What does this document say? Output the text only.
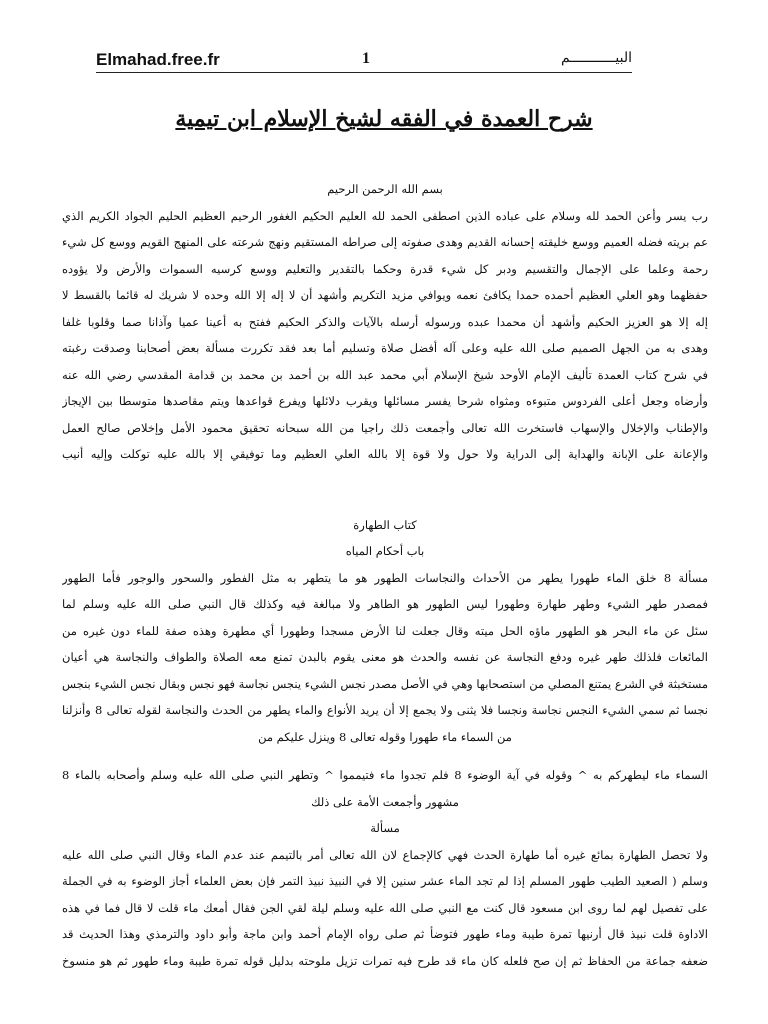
Elmahad.free.fr	1	البيـــــــــــم
شرح العمدة في الفقه لشيخ الإسلام ابن تيمية
بسم الله الرحمن الرحيم
رب يسر وأعن الحمد لله وسلام على عباده الذين اصطفى الحمد لله العليم الحكيم الغفور الرحيم العظيم الحليم الجواد الكريم الذي
عم بريته فضله العميم ووسع خليقته إحسانه القديم وهدى صفوته إلى صراطه المستقيم ونهج شرعته على المنهج القويم ووسع كل شيء
رحمة وعلما على الإجمال والتقسيم ودبر كل شيء قدرة وحكما بالتقدير والتعليم ووسع كرسيه السموات والأرض ولا يؤوده
حفظهما وهو العلي العظيم أحمده حمدا يكافئ نعمه ويوافي مزيد التكريم وأشهد أن لا إله إلا الله وحده لا شريك له قائما بالقسط لا
إله إلا هو العزيز الحكيم وأشهد أن محمدا عبده ورسوله أرسله بالآيات والذكر الحكيم ففتح به أعينا عميا وآذانا صما وقلوبا غلفا
وهدى به من الجهل الصميم صلى الله عليه وعلى آله أفضل صلاة وتسليم أما بعد فقد تكررت مسألة بعض أصحابنا وصدقت رغبته
في شرح كتاب العمدة تأليف الإمام الأوحد شيخ الإسلام أبي محمد عبد الله بن أحمد بن محمد بن قدامة المقدسي رضي الله عنه
وأرضاه وجعل أعلى الفردوس متبوءه ومثواه شرحا يفسر مسائلها ويقرب دلائلها ويفرع قواعدها ويتم مقاصدها متوسطا بين الإيجاز
والإطناب والإخلال والإسهاب فاستخرت الله تعالى وأجمعت ذلك راجيا من الله سبحانه تحقيق محمود الأمل وإخلاص صالح العمل
والإعانة على الإبانة والهداية إلى الدراية ولا حول ولا قوة إلا بالله العلي العظيم وما توفيقي إلا بالله عليه توكلت وإليه أنيب
كتاب الطهارة
باب أحكام المياه
مسألة 8 خلق الماء طهورا يطهر من الأحداث والنجاسات الطهور هو ما يتطهر به مثل الفطور والسحور والوجور فأما الطهور
فمصدر طهر الشيء وطهر طهارة وطهورا ليس الطهور هو الطاهر ولا مبالغة فيه وكذلك قال النبي صلى الله عليه وسلم لما
سئل عن ماء البحر هو الطهور ماؤه الحل ميته وقال جعلت لنا الأرض مسجدا وطهورا أي مطهرة وهذه صفة للماء دون غيره من
المائعات فلذلك طهر غيره ودفع النجاسة عن نفسه والحدث هو معنى يقوم بالبدن تمنع معه الصلاة والطواف والنجاسة هي أعيان
مستخبثة في الشرع يمتنع المصلي من استصحابها وهي في الأصل مصدر نجس الشيء ينجس نجاسة فهو نجس وبقال نجس الشيء بنجس
نجسا ثم سمي الشيء النجس نجاسة ونجسا فلا يثنى ولا يجمع إلا أن يريد الأنواع والماء يطهر من الحدث والنجاسة لقوله تعالى 8 وأنزلنا
من السماء ماء طهورا وقوله تعالى 8 وينزل عليكم من
السماء ماء ليطهركم به ^ وقوله في آية الوضوء 8 فلم تجدوا ماء فتيمموا ^ وتطهر النبي صلى الله عليه وسلم وأصحابه بالماء 8
مشهور وأجمعت الأمة على ذلك
مسألة
ولا تحصل الطهارة بمائع غيره أما طهارة الحدث فهي كالإجماع لان الله تعالى أمر بالتيمم عند عدم الماء وقال النبي صلى الله عليه
وسلم ( الصعيد الطيب طهور المسلم إذا لم تجد الماء عشر سنين إلا في النبيذ نبيذ التمر فإن بعض العلماء أجاز الوضوء به في الجملة
على تفصيل لهم لما روى ابن مسعود قال كنت مع النبي صلى الله عليه وسلم ليلة لقي الجن فقال أمعك ماء قلت لا قال فما في هذه
الاداوة قلت نبيذ قال أرنيها تمرة طيبة وماء طهور فتوضأ ثم صلى رواه الإمام أحمد وابن ماجة وأبو داود والترمذي وهذا الحديث قد
ضعفه جماعة من الحفاظ ثم إن صح فلعله كان ماء قد طرح فيه تمرات تزيل ملوحته بدليل قوله تمرة طيبة وماء طهور ثم هو منسوخ
